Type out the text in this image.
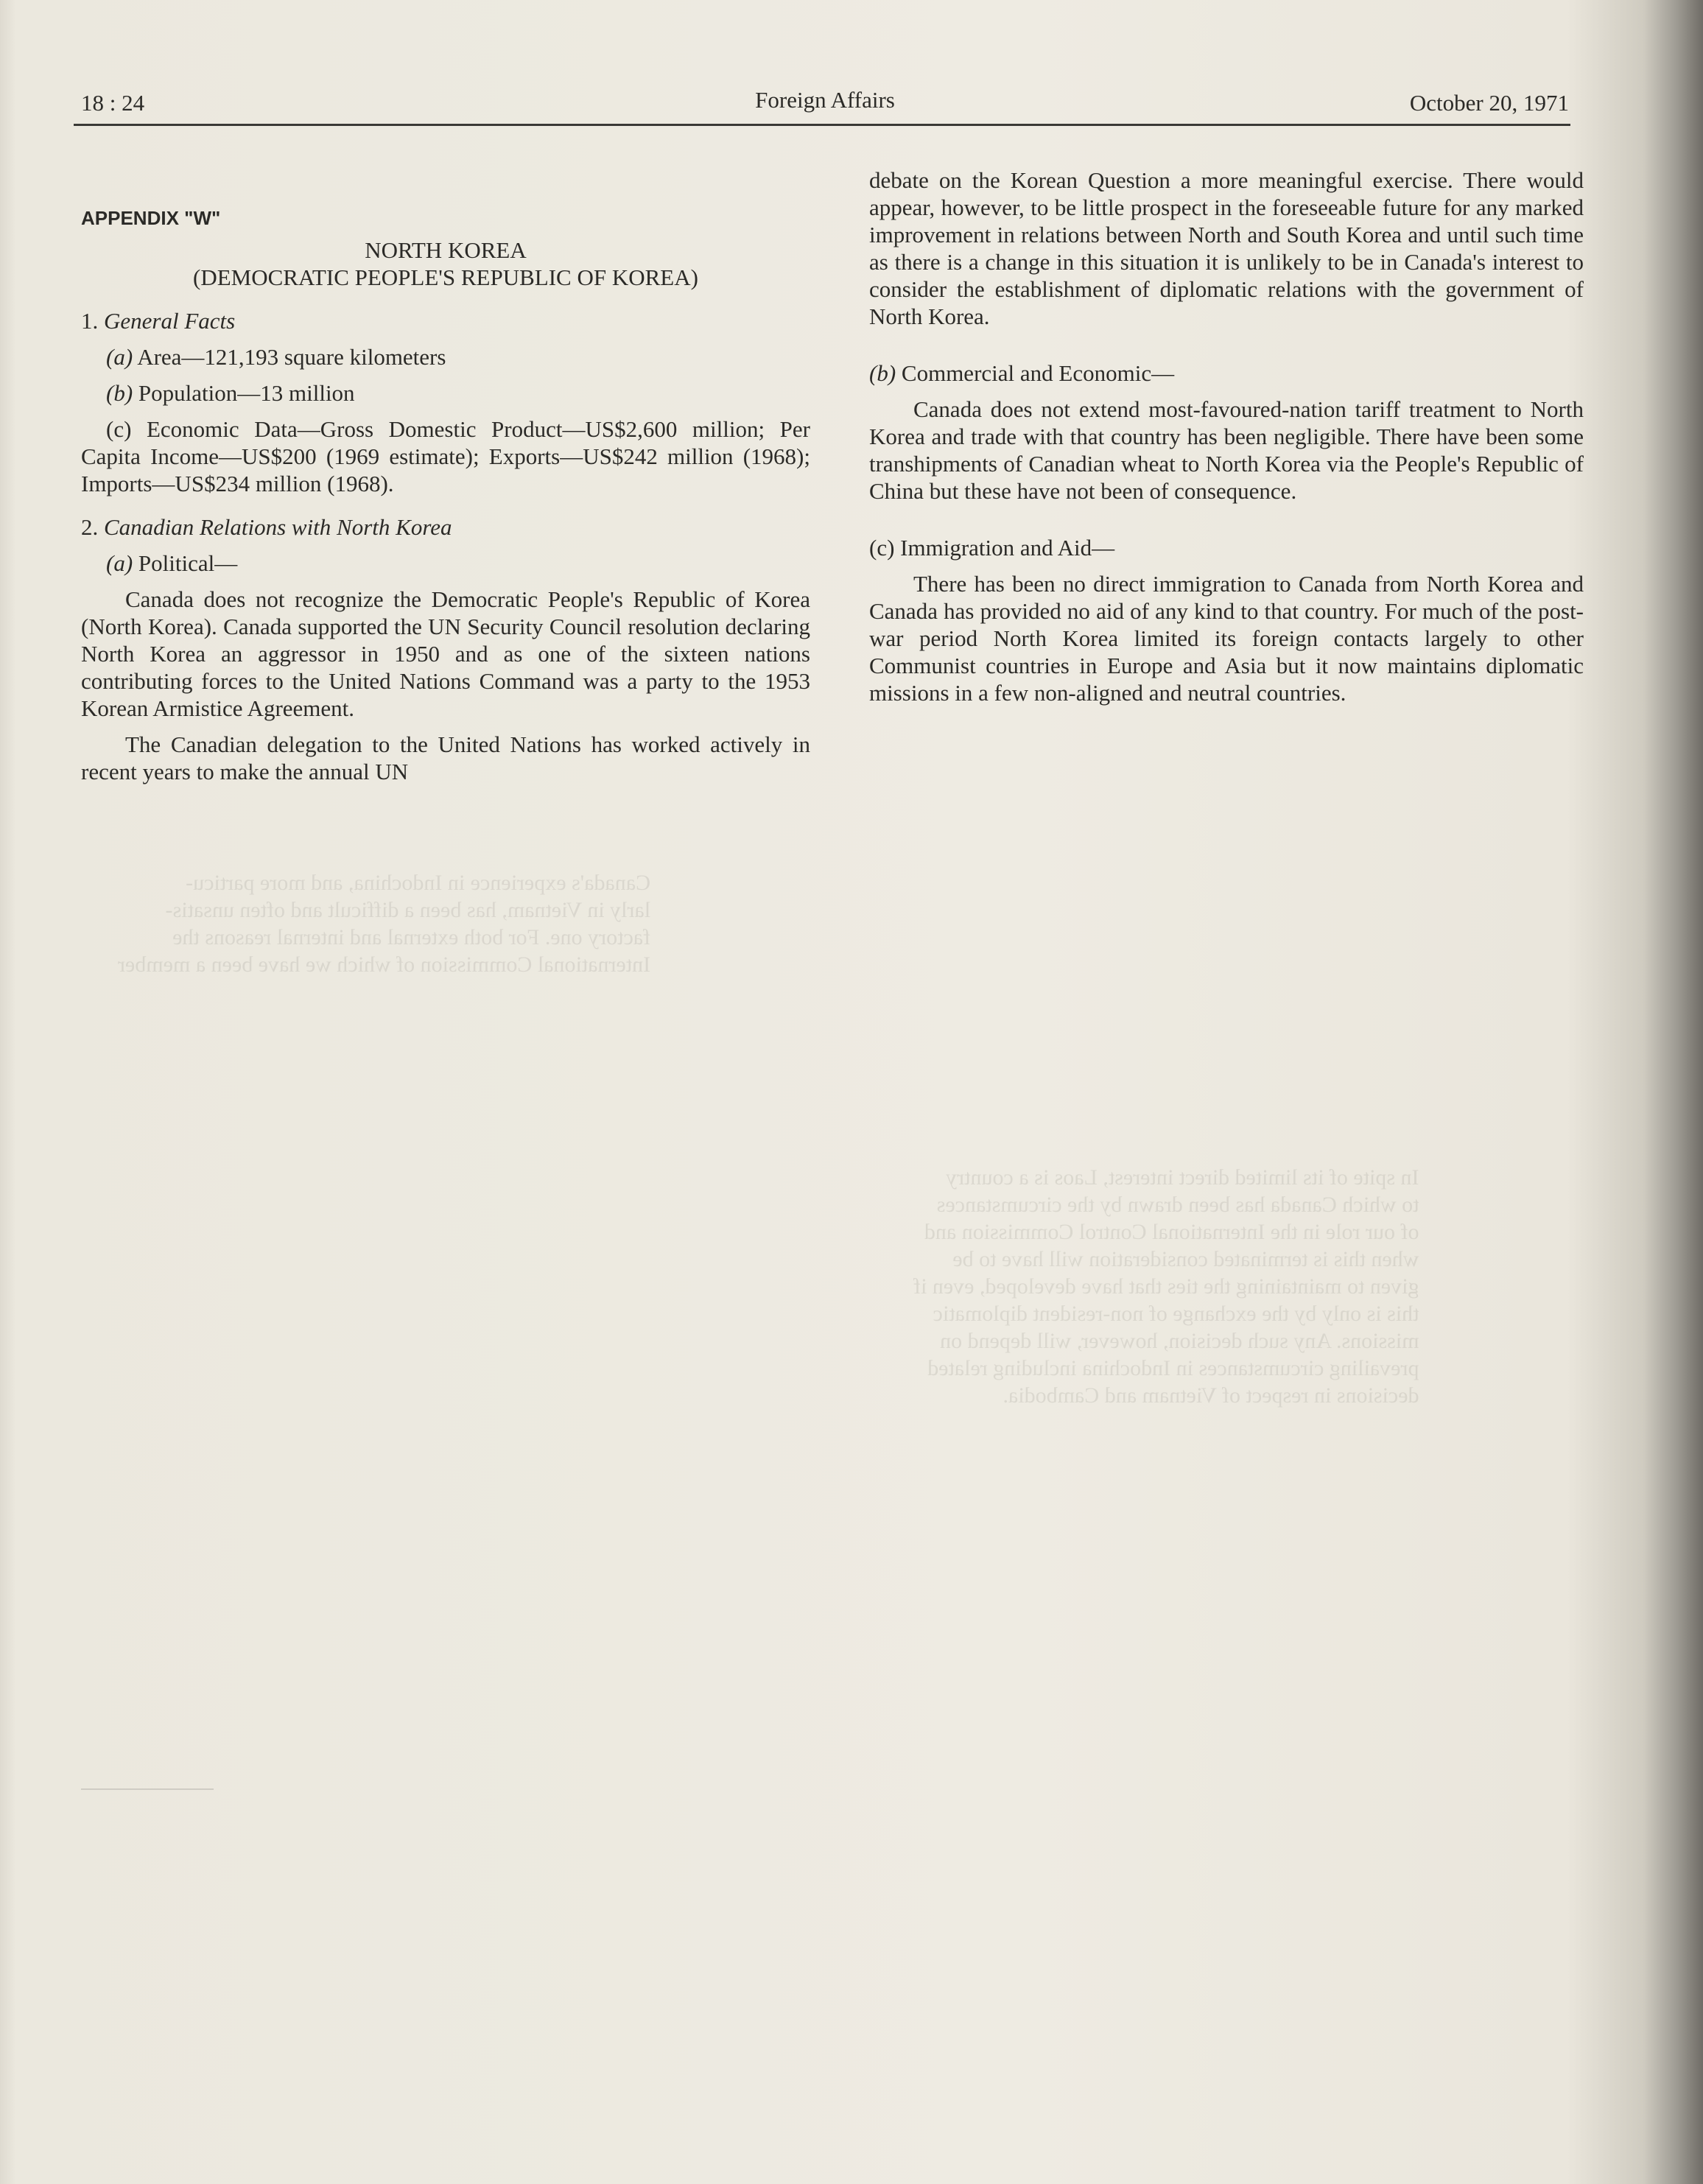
Canada's experience in Indochina, and more particu-
larly in Vietnam, has been a difficult and often unsatis-
factory one. For both external and internal reasons the
International Commission of which we have been a member
In spite of its limited direct interest, Laos is a country
to which Canada has been drawn by the circumstances
of our role in the International Control Commission and
when this is terminated consideration will have to be
given to maintaining the ties that have developed, even if
this is only by the exchange of non-resident diplomatic
missions. Any such decision, however, will depend on
prevailing circumstances in Indochina including related
decisions in respect of Vietnam and Cambodia.
18 : 24	Foreign Affairs	October 20, 1971

APPENDIX "W"

NORTH KOREA

(DEMOCRATIC PEOPLE'S REPUBLIC OF KOREA)

1. General Facts

(a) Area—121,193 square kilometers

(b) Population—13 million

(c) Economic Data—Gross Domestic Product—US$2,600 million; Per Capita Income—US$200 (1969 estimate); Exports—US$242 million (1968); Imports—US$234 million (1968).

2. Canadian Relations with North Korea

(a) Political—

Canada does not recognize the Democratic People's Republic of Korea (North Korea). Canada supported the UN Security Council resolution declaring North Korea an aggressor in 1950 and as one of the sixteen nations contributing forces to the United Nations Command was a party to the 1953 Korean Armistice Agreement.

The Canadian delegation to the United Nations has worked actively in recent years to make the annual UN

debate on the Korean Question a more meaningful exercise. There would appear, however, to be little prospect in the foreseeable future for any marked improvement in relations between North and South Korea and until such time as there is a change in this situation it is unlikely to be in Canada's interest to consider the establishment of diplomatic relations with the government of North Korea.

(b) Commercial and Economic—

Canada does not extend most-favoured-nation tariff treatment to North Korea and trade with that country has been negligible. There have been some transhipments of Canadian wheat to North Korea via the People's Republic of China but these have not been of consequence.

(c) Immigration and Aid—

There has been no direct immigration to Canada from North Korea and Canada has provided no aid of any kind to that country. For much of the post-war period North Korea limited its foreign contacts largely to other Communist countries in Europe and Asia but it now maintains diplomatic missions in a few non-aligned and neutral countries.
